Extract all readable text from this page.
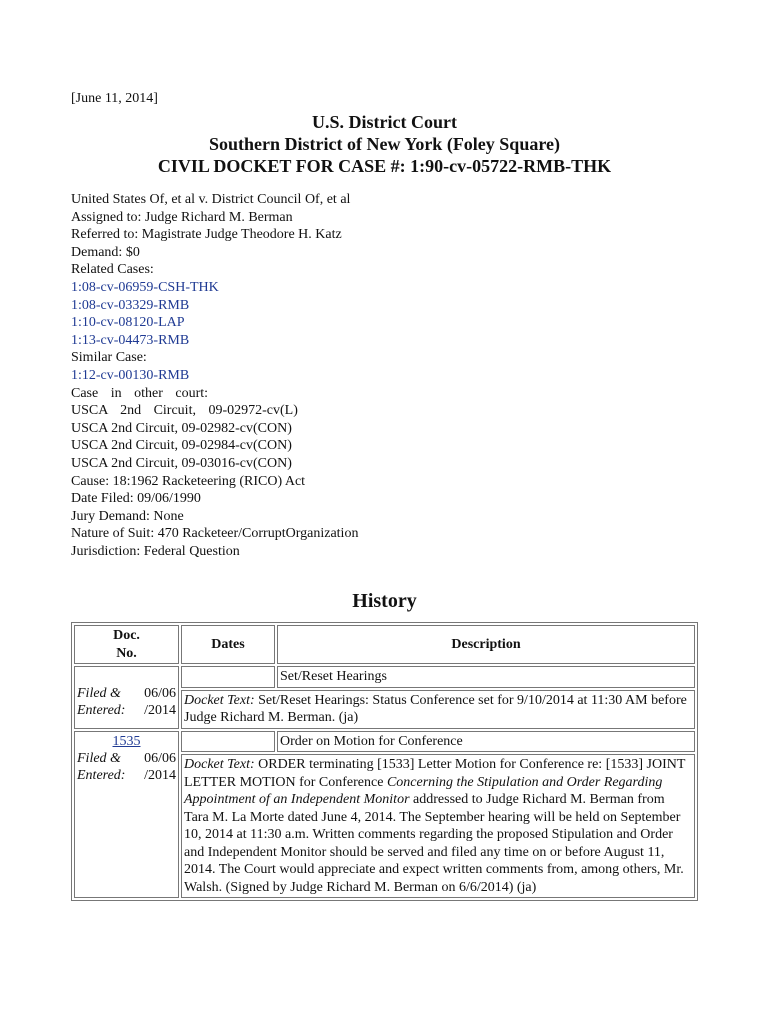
[June 11, 2014]
U.S. District Court
Southern District of New York (Foley Square)
CIVIL DOCKET FOR CASE #: 1:90-cv-05722-RMB-THK
United States Of, et al v. District Council Of, et al
Assigned to: Judge Richard M. Berman
Referred to: Magistrate Judge Theodore H. Katz
Demand: $0
Related Cases:
1:08-cv-06959-CSH-THK
1:08-cv-03329-RMB
1:10-cv-08120-LAP
1:13-cv-04473-RMB
Similar Case:
1:12-cv-00130-RMB
Case in other court:
USCA 2nd Circuit, 09-02972-cv(L)
USCA 2nd Circuit, 09-02982-cv(CON)
USCA 2nd Circuit, 09-02984-cv(CON)
USCA 2nd Circuit, 09-03016-cv(CON)
Cause: 18:1962 Racketeering (RICO) Act
Date Filed: 09/06/1990
Jury Demand: None
Nature of Suit: 470 Racketeer/CorruptOrganization
Jurisdiction: Federal Question
History
Doc.
No.	Dates	Description

Filed &
Entered:
06/06
/2014		Set/Reset Hearings
	Docket Text: Set/Reset Hearings: Status Conference set for 9/10/2014 at 11:30 AM before Judge Richard M. Berman. (ja)	

1535
Filed &
Entered:
06/06
/2014		Order on Motion for Conference
	Docket Text: ORDER terminating [1533] Letter Motion for Conference re: [1533] JOINT LETTER MOTION for Conference Concerning the Stipulation and Order Regarding Appointment of an Independent Monitor addressed to Judge Richard M. Berman from Tara M. La Morte dated June 4, 2014. The September hearing will be held on September 10, 2014 at 11:30 a.m. Written comments regarding the proposed Stipulation and Order and Independent Monitor should be served and filed any time on or before August 11, 2014. The Court would appreciate and expect written comments from, among others, Mr. Walsh. (Signed by Judge Richard M. Berman on 6/6/2014) (ja)	
